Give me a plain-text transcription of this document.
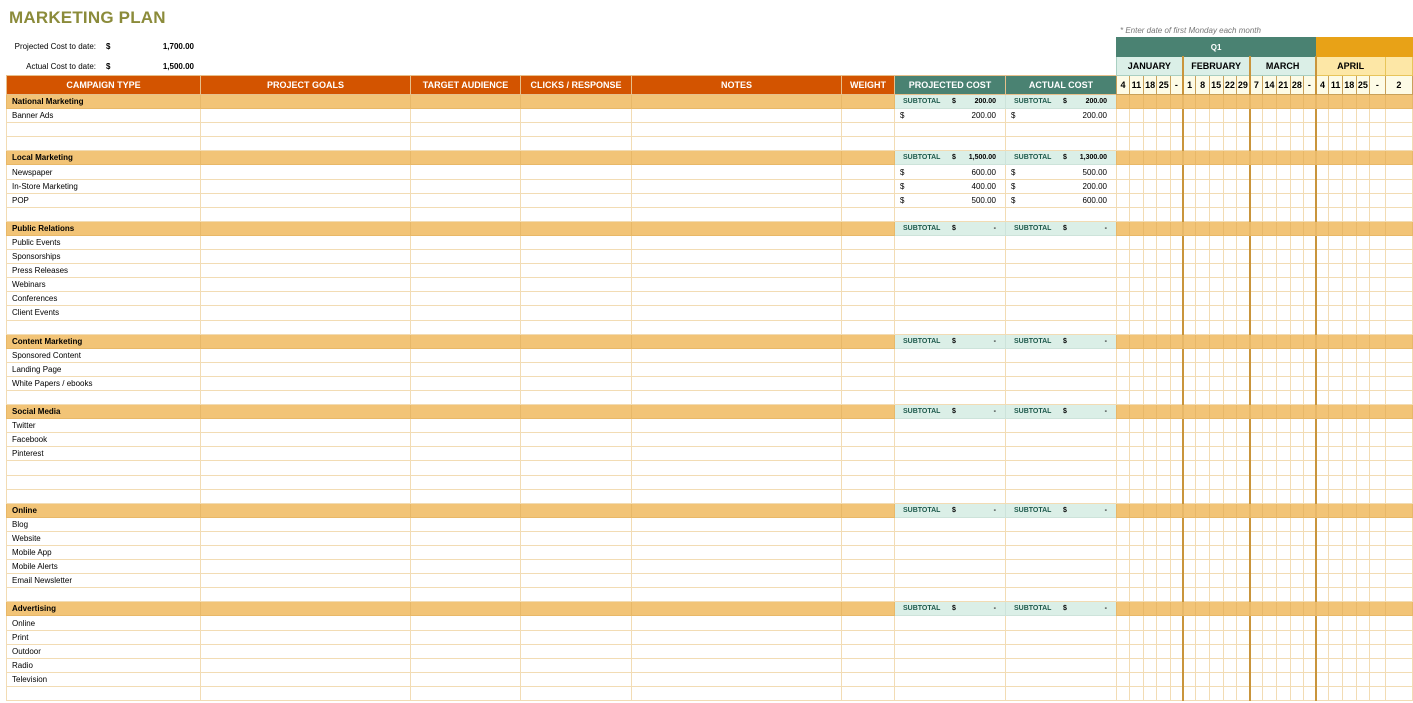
MARKETING PLAN
* Enter date of first Monday each month
Projected Cost to date: $	1,700.00
Actual Cost to date: $	1,500.00
CAMPAIGN TYPE	PROJECT GOALS	TARGET AUDIENCE	CLICKS / RESPONSE	NOTES	WEIGHT	PROJECTED COST	ACTUAL COST
National Marketing						SUBTOTAL $ 200.00	SUBTOTAL $ 200.00
Banner Ads						$ 200.00	$ 200.00

Local Marketing						SUBTOTAL $ 1,500.00	SUBTOTAL $ 1,300.00
Newspaper						$ 600.00	$ 500.00
In-Store Marketing						$ 400.00	$ 200.00
POP						$ 500.00	$ 600.00

Public Relations						SUBTOTAL $ -	SUBTOTAL $ -
Public Events							
Sponsorships							
Press Releases							
Webinars							
Conferences							
Client Events							

Content Marketing						SUBTOTAL $ -	SUBTOTAL $ -
Sponsored Content							
Landing Page							
White Papers / ebooks							

Social Media						SUBTOTAL $ -	SUBTOTAL $ -
Twitter							
Facebook							
Pinterest							

Online						SUBTOTAL $ -	SUBTOTAL $ -
Blog							
Website							
Mobile App							
Mobile Alerts							
Email Newsletter							

Advertising						SUBTOTAL $ -	SUBTOTAL $ -
Online							
Print							
Outdoor							
Radio							
Television							

Q1																				
JANUARY					FEBRUARY					MARCH					APRIL					
4	11	18	25	-	1	8	15	22	29	7	14	21	28	-	4	11	18	25	-	2
